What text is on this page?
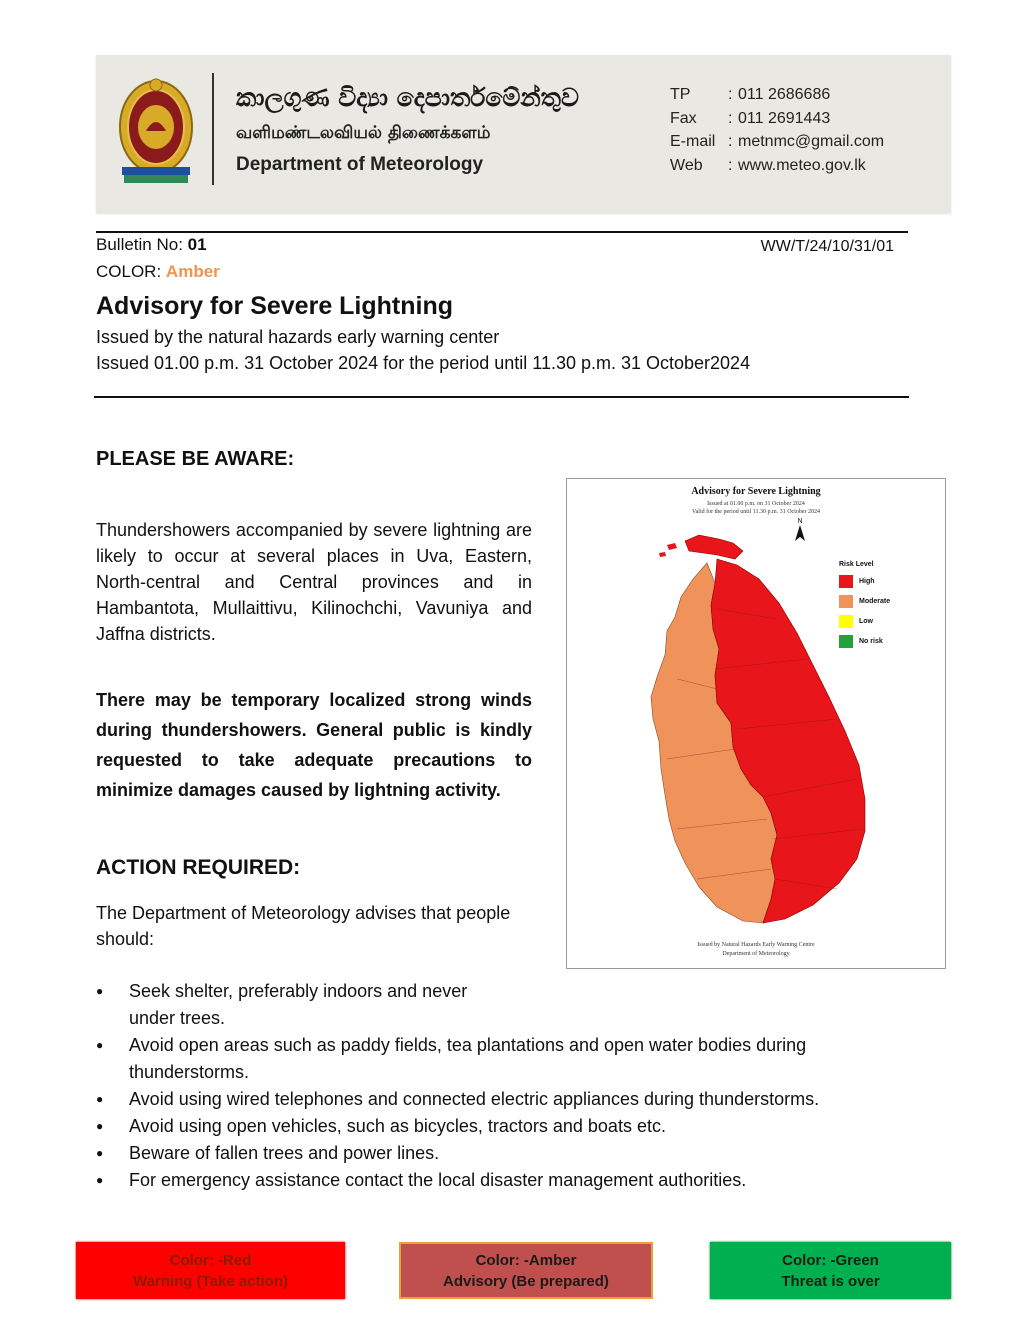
කාලගුණ විද්‍යා දෙපාර්තමේන්තුව
வளிமண்டலவியல் திணைக்களம்
Department of Meteorology
TP	: 011 2686686
Fax	: 011 2691443
E-mail : metnmc@gmail.com
Web	: www.meteo.gov.lk
Bulletin No: 01
COLOR: Amber
WW/T/24/10/31/01
Advisory for Severe Lightning
Issued by the natural hazards early warning center
Issued 01.00 p.m. 31 October 2024 for the period until 11.30 p.m. 31 October2024
PLEASE BE AWARE:
Thundershowers accompanied by severe lightning are likely to occur at several places in Uva, Eastern, North-central and Central provinces and in Hambantota, Mullaittivu, Kilinochchi, Vavuniya and Jaffna districts.
There may be temporary localized strong winds during thundershowers. General public is kindly requested to take adequate precautions to minimize damages caused by lightning activity.
ACTION REQUIRED:
The Department of Meteorology advises that people should:
● Seek shelter, preferably indoors and never under trees.
● Avoid open areas such as paddy fields, tea plantations and open water bodies during thunderstorms.
● Avoid using wired telephones and connected electric appliances during thunderstorms.
● Avoid using open vehicles, such as bicycles, tractors and boats etc.
● Beware of fallen trees and power lines.
● For emergency assistance contact the local disaster management authorities.
Advisory for Severe Lightning
Issued at 01.00 p.m. on 31 October 2024
Valid for the period until 11.30 p.m. 31 October 2024
N
Risk Level
High
Moderate
Low
No risk
Issued by Natural Hazards Early Warning Centre
Department of Meteorology
Color: -Red
Warning (Take action)
Color: -Amber
Advisory (Be prepared)
Color: -Green
Threat is over
